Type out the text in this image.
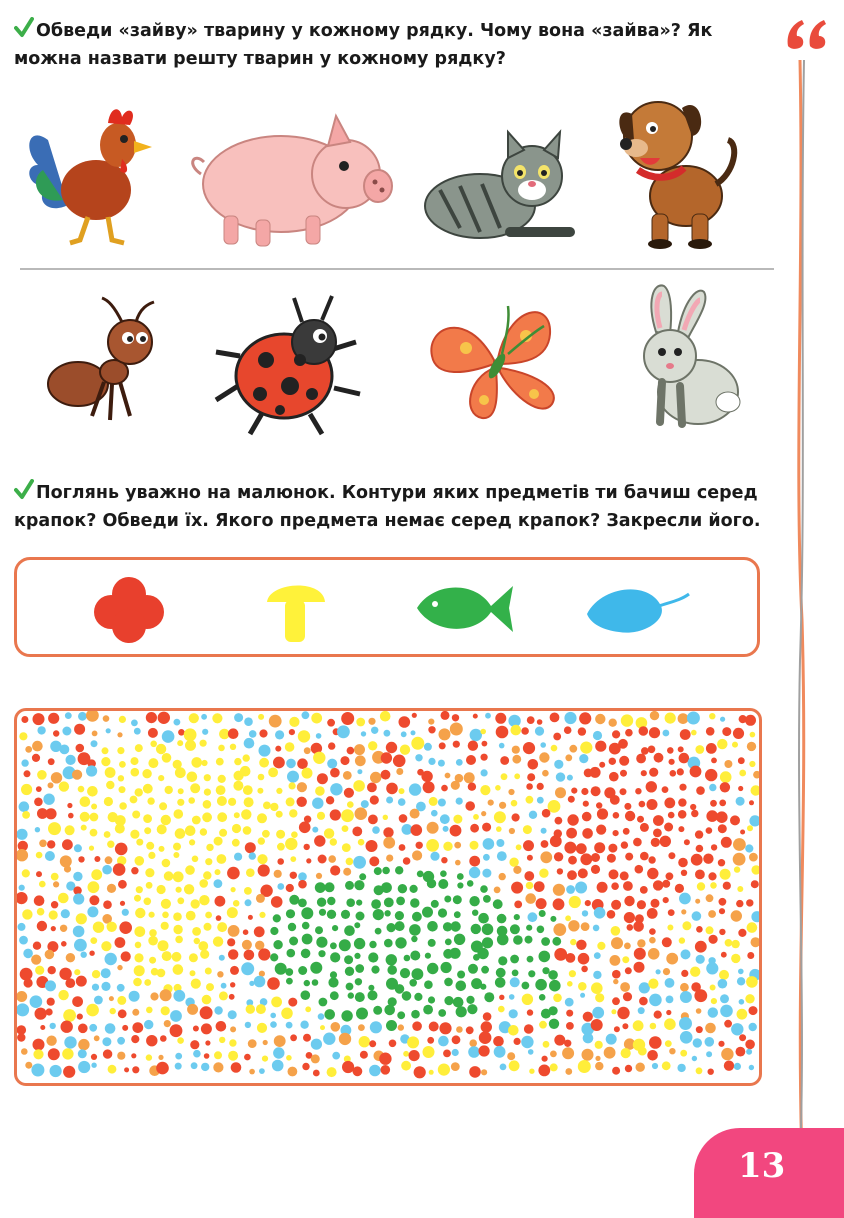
Обведи «зайву» тварину у кожному рядку. Чому вона «зайва»? Як можна назвати решту тварин у кожному рядку?
Поглянь уважно на малюнок. Контури яких предметів ти бачиш серед крапок? Обведи їх. Якого предмета немає серед крапок? Закресли його.
13
